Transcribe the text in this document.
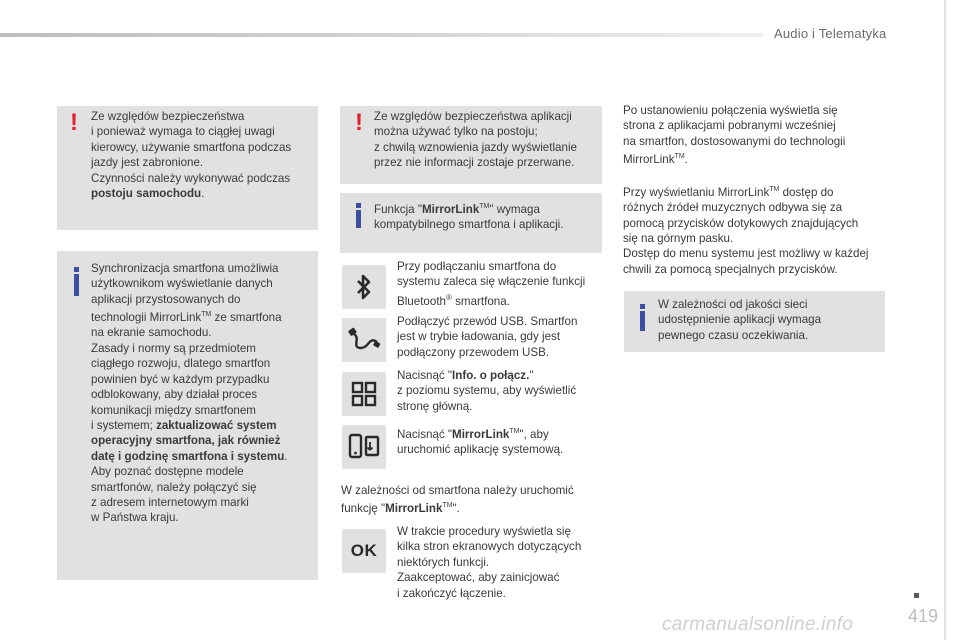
Audio i Telematyka
! Ze względów bezpieczeństwa
i ponieważ wymaga to ciągłej uwagi
kierowcy, używanie smartfona podczas
jazdy jest zabronione.
Czynności należy wykonywać podczas
postoju samochodu.
Synchronizacja smartfona umożliwia
użytkownikom wyświetlanie danych
aplikacji przystosowanych do
technologii MirrorLink™ ze smartfona
na ekranie samochodu.
Zasady i normy są przedmiotem
ciągłego rozwoju, dlatego smartfon
powinien być w każdym przypadku
odblokowany, aby działał proces
komunikacji między smartfonem
i systemem; zaktualizować system
operacyjny smartfona, jak również
datę i godzinę smartfona i systemu.
Aby poznać dostępne modele
smartfonów, należy połączyć się
z adresem internetowym marki
w Państwa kraju.
! Ze względów bezpieczeństwa aplikacji
można używać tylko na postoju;
z chwilą wznowienia jazdy wyświetlanie
przez nie informacji zostaje przerwane.
Funkcja "MirrorLink™" wymaga
kompatybilnego smartfona i aplikacji.
OK
Przy podłączaniu smartfona do
systemu zaleca się włączenie funkcji
Bluetooth® smartfona.
Podłączyć przewód USB. Smartfon
jest w trybie ładowania, gdy jest
podłączony przewodem USB.
Nacisnąć "Info. o połącz."
z poziomu systemu, aby wyświetlić
stronę główną.
Nacisnąć "MirrorLink™", aby
uruchomić aplikację systemową.
W zależności od smartfona należy uruchomić
funkcję "MirrorLink™".
W trakcie procedury wyświetla się
kilka stron ekranowych dotyczących
niektórych funkcji.
Zaakceptować, aby zainicjować
i zakończyć łączenie.
Po ustanowieniu połączenia wyświetla się
strona z aplikacjami pobranymi wcześniej
na smartfon, dostosowanymi do technologii
MirrorLink™.
Przy wyświetlaniu MirrorLink™ dostęp do
różnych źródeł muzycznych odbywa się za
pomocą przycisków dotykowych znajdujących
się na górnym pasku.
Dostęp do menu systemu jest możliwy w każdej
chwili za pomocą specjalnych przycisków.
W zależności od jakości sieci
udostępnienie aplikacji wymaga
pewnego czasu oczekiwania.
419
carmanualsonline.info
